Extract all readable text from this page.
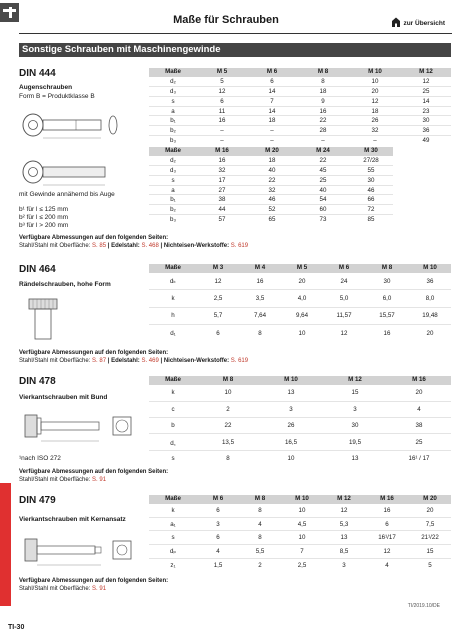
Maße für Schrauben	zur Übersicht
Sonstige Schrauben mit Maschinengewinde
DIN 444
Augenschrauben
Form B = Produktklasse B
mit Gewinde annähernd bis Auge
b¹ für l ≤ 125 mm
b² für l ≤ 200 mm
b³ für l > 200 mm
Maße	M 5	M 6	M 8	M 10	M 12
d₂	5	6	8	10	12
d₃	12	14	18	20	25
s	6	7	9	12	14
a	11	14	16	18	23
b₁	16	18	22	26	30
b₂	–	–	28	32	36
b₃	–	–	–	–	49
Maße	M 16	M 20	M 24	M 30
d₂	16	18	22	27/28
d₃	32	40	45	55
s	17	22	25	30
a	27	32	40	46
b₁	38	46	54	66
b₂	44	52	60	72
b₃	57	65	73	85
Verfügbare Abmessungen auf den folgenden Seiten:
Stahl/Stahl mit Oberfläche: S. 85 | Edelstahl: S. 468 | Nichteisen-Werkstoffe: S. 619
DIN 464
Rändelschrauben, hohe Form
Maße	M 3	M 4	M 5	M 6	M 8	M 10
dₖ	12	16	20	24	30	36
k	2,5	3,5	4,0	5,0	6,0	8,0
h	5,7	7,64	9,64	11,57	15,57	19,48
d₁	6	8	10	12	16	20
Verfügbare Abmessungen auf den folgenden Seiten:
Stahl/Stahl mit Oberfläche: S. 87 | Edelstahl: S. 469 | Nichteisen-Werkstoffe: S. 619
DIN 478
Vierkantschrauben mit Bund
¹nach ISO 272
Maße	M 8	M 10	M 12	M 16
k	10	13	15	20
c	2	3	3	4
b	22	26	30	38
d꜀	13,5	16,5	19,5	25
s	8	10	13	16¹ / 17
Verfügbare Abmessungen auf den folgenden Seiten:
Stahl/Stahl mit Oberfläche: S. 91
DIN 479
Vierkantschrauben mit Kernansatz
Maße	M 6	M 8	M 10	M 12	M 16	M 20
k	6	8	10	12	16	20
a₁	3	4	4,5	5,3	6	7,5
s	6	8	10	13	16¹/17	21¹/22
dₚ	4	5,5	7	8,5	12	15
z₁	1,5	2	2,5	3	4	5
Verfügbare Abmessungen auf den folgenden Seiten:
Stahl/Stahl mit Oberfläche: S. 91
TI-30
TI/2019.10/DE
